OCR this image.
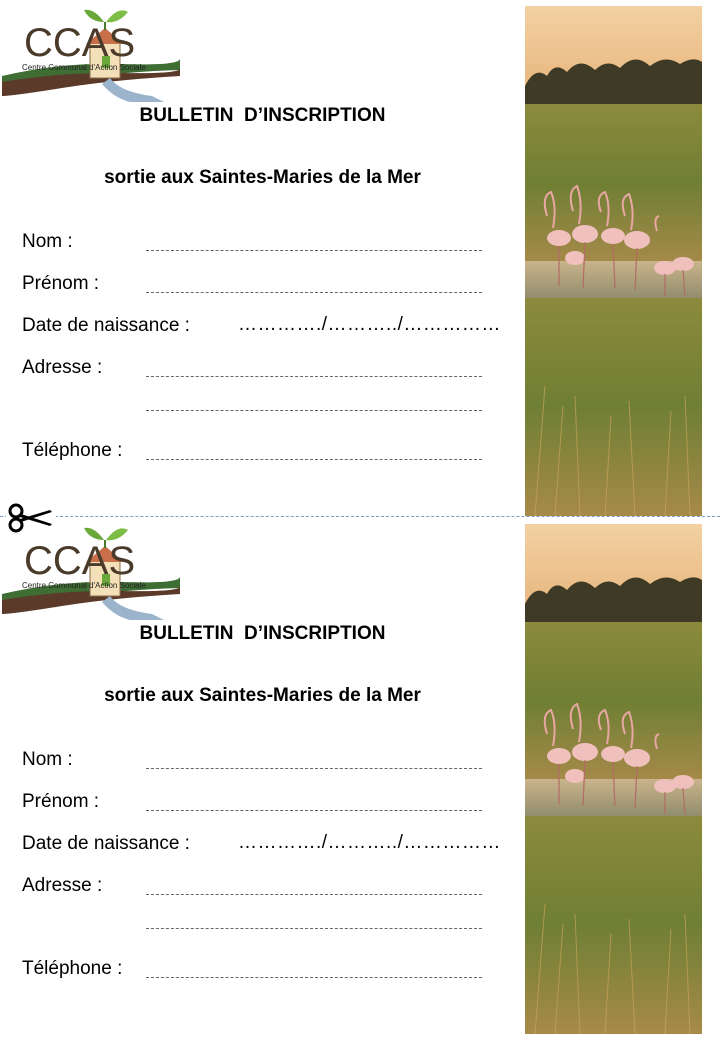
CCAS
Centre Communal d'Action Sociale
BULLETIN  D’INSCRIPTION
sortie aux Saintes-Maries de la Mer
Nom :
Prénom :
Date de naissance :	…………./………../……………
Adresse :
Téléphone :
CCAS
Centre Communal d'Action Sociale
BULLETIN  D’INSCRIPTION
sortie aux Saintes-Maries de la Mer
Nom :
Prénom :
Date de naissance :	…………./………../……………
Adresse :
Téléphone :
